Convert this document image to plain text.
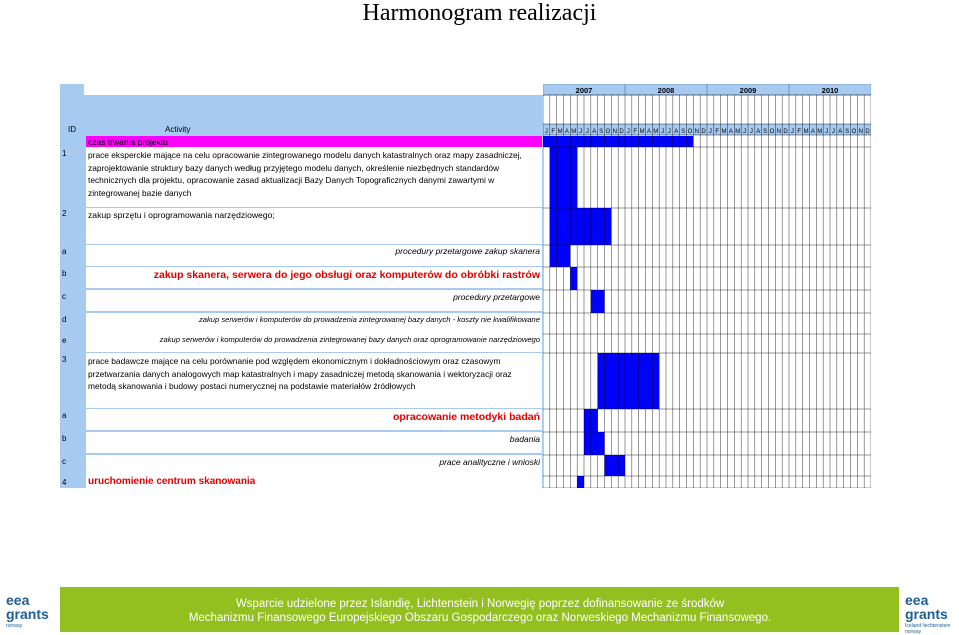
Harmonogram realizacji
ID	Activity
czas trwania projektu
1	prace eksperckie mające na celu opracowanie zintegrowanego modelu danych katastralnych oraz mapy zasadniczej, zaprojektowanie struktury bazy danych według przyjętego modelu danych, określenie niezbędnych standardów technicznych dla projektu, opracowanie zasad aktualizacji Bazy Danych Topograficznych danymi zawartymi w zintegrowanej bazie danych
2	zakup sprzętu i oprogramowania narzędziowego;
a	procedury przetargowe zakup skanera
b	zakup skanera, serwera do jego obsługi oraz komputerów do obróbki rastrów
c	procedury przetargowe
d	zakup serwerów i komputerów do prowadzenia zintegrowanej bazy danych - koszty nie kwalifikowane
e	zakup serwerów i komputerów do prowadzenia zintegrowanej bazy danych oraz oprogramowanie narzędziowego
3	prace badawcze mające na celu porównanie pod względem ekonomicznym i dokładnościowym oraz czasowym przetwarzania danych analogowych map katastralnych i mapy zasadniczej metodą skanowania i wektoryzacji oraz metodą skanowania i budowy postaci numerycznej na podstawie materiałów źródłowych
a	opracowanie metodyki badań
b	badania
c	prace analityczne i wnioski
4	uruchomienie centrum skanowania
2007	2008	2009	2010
J F M A M J J A S O N D J F M A M J J A S O N D J F M A M J J A S O N D J F M A M J J A S O N D
eea
grants
norway
eea
grants
Iceland liechtenstein norway
Wsparcie udzielone przez Islandię, Lichtenstein i Norwegię poprzez dofinansowanie ze środków
Mechanizmu Finansowego Europejskiego Obszaru Gospodarczego oraz Norweskiego Mechanizmu Finansowego.
